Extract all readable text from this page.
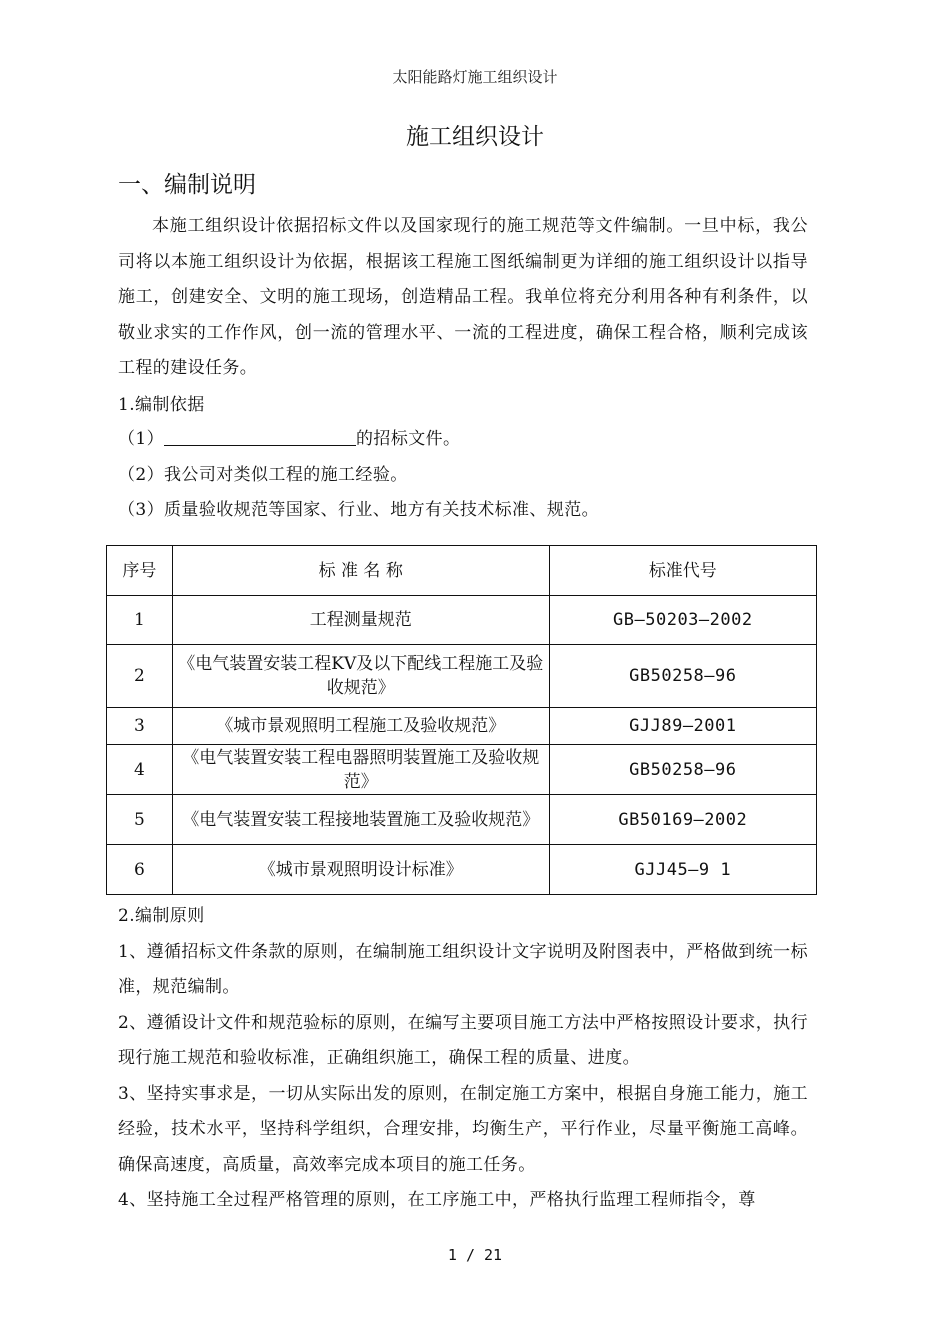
太阳能路灯施工组织设计
施工组织设计
一、编制说明
本施工组织设计依据招标文件以及国家现行的施工规范等文件编制。一旦中标，我公司将以本施工组织设计为依据，根据该工程施工图纸编制更为详细的施工组织设计以指导施工，创建安全、文明的施工现场，创造精品工程。我单位将充分利用各种有利条件，以敬业求实的工作作风，创一流的管理水平、一流的工程进度，确保工程合格，顺利完成该工程的建设任务。
1.编制依据
（1）	的招标文件。
（2）我公司对类似工程的施工经验。
（3）质量验收规范等国家、行业、地方有关技术标准、规范。
序号	标 准 名 称	标准代号
1	工程测量规范	GB—50203—2002
2	《电气装置安装工程KV及以下配线工程施工及验收规范》	GB50258—96
3	《城市景观照明工程施工及验收规范》	GJJ89—2001
4	《电气装置安装工程电器照明装置施工及验收规范》	GB50258—96
5	《电气装置安装工程接地装置施工及验收规范》	GB50169—2002
6	《城市景观照明设计标准》	GJJ45—9 1
2.编制原则
1、遵循招标文件条款的原则，在编制施工组织设计文字说明及附图表中，严格做到统一标准，规范编制。
2、遵循设计文件和规范验标的原则，在编写主要项目施工方法中严格按照设计要求，执行现行施工规范和验收标准，正确组织施工，确保工程的质量、进度。
3、坚持实事求是，一切从实际出发的原则，在制定施工方案中，根据自身施工能力，施工经验，技术水平，坚持科学组织，合理安排，均衡生产，平行作业，尽量平衡施工高峰。确保高速度，高质量，高效率完成本项目的施工任务。
4、坚持施工全过程严格管理的原则，在工序施工中，严格执行监理工程师指令，尊
1 / 21
